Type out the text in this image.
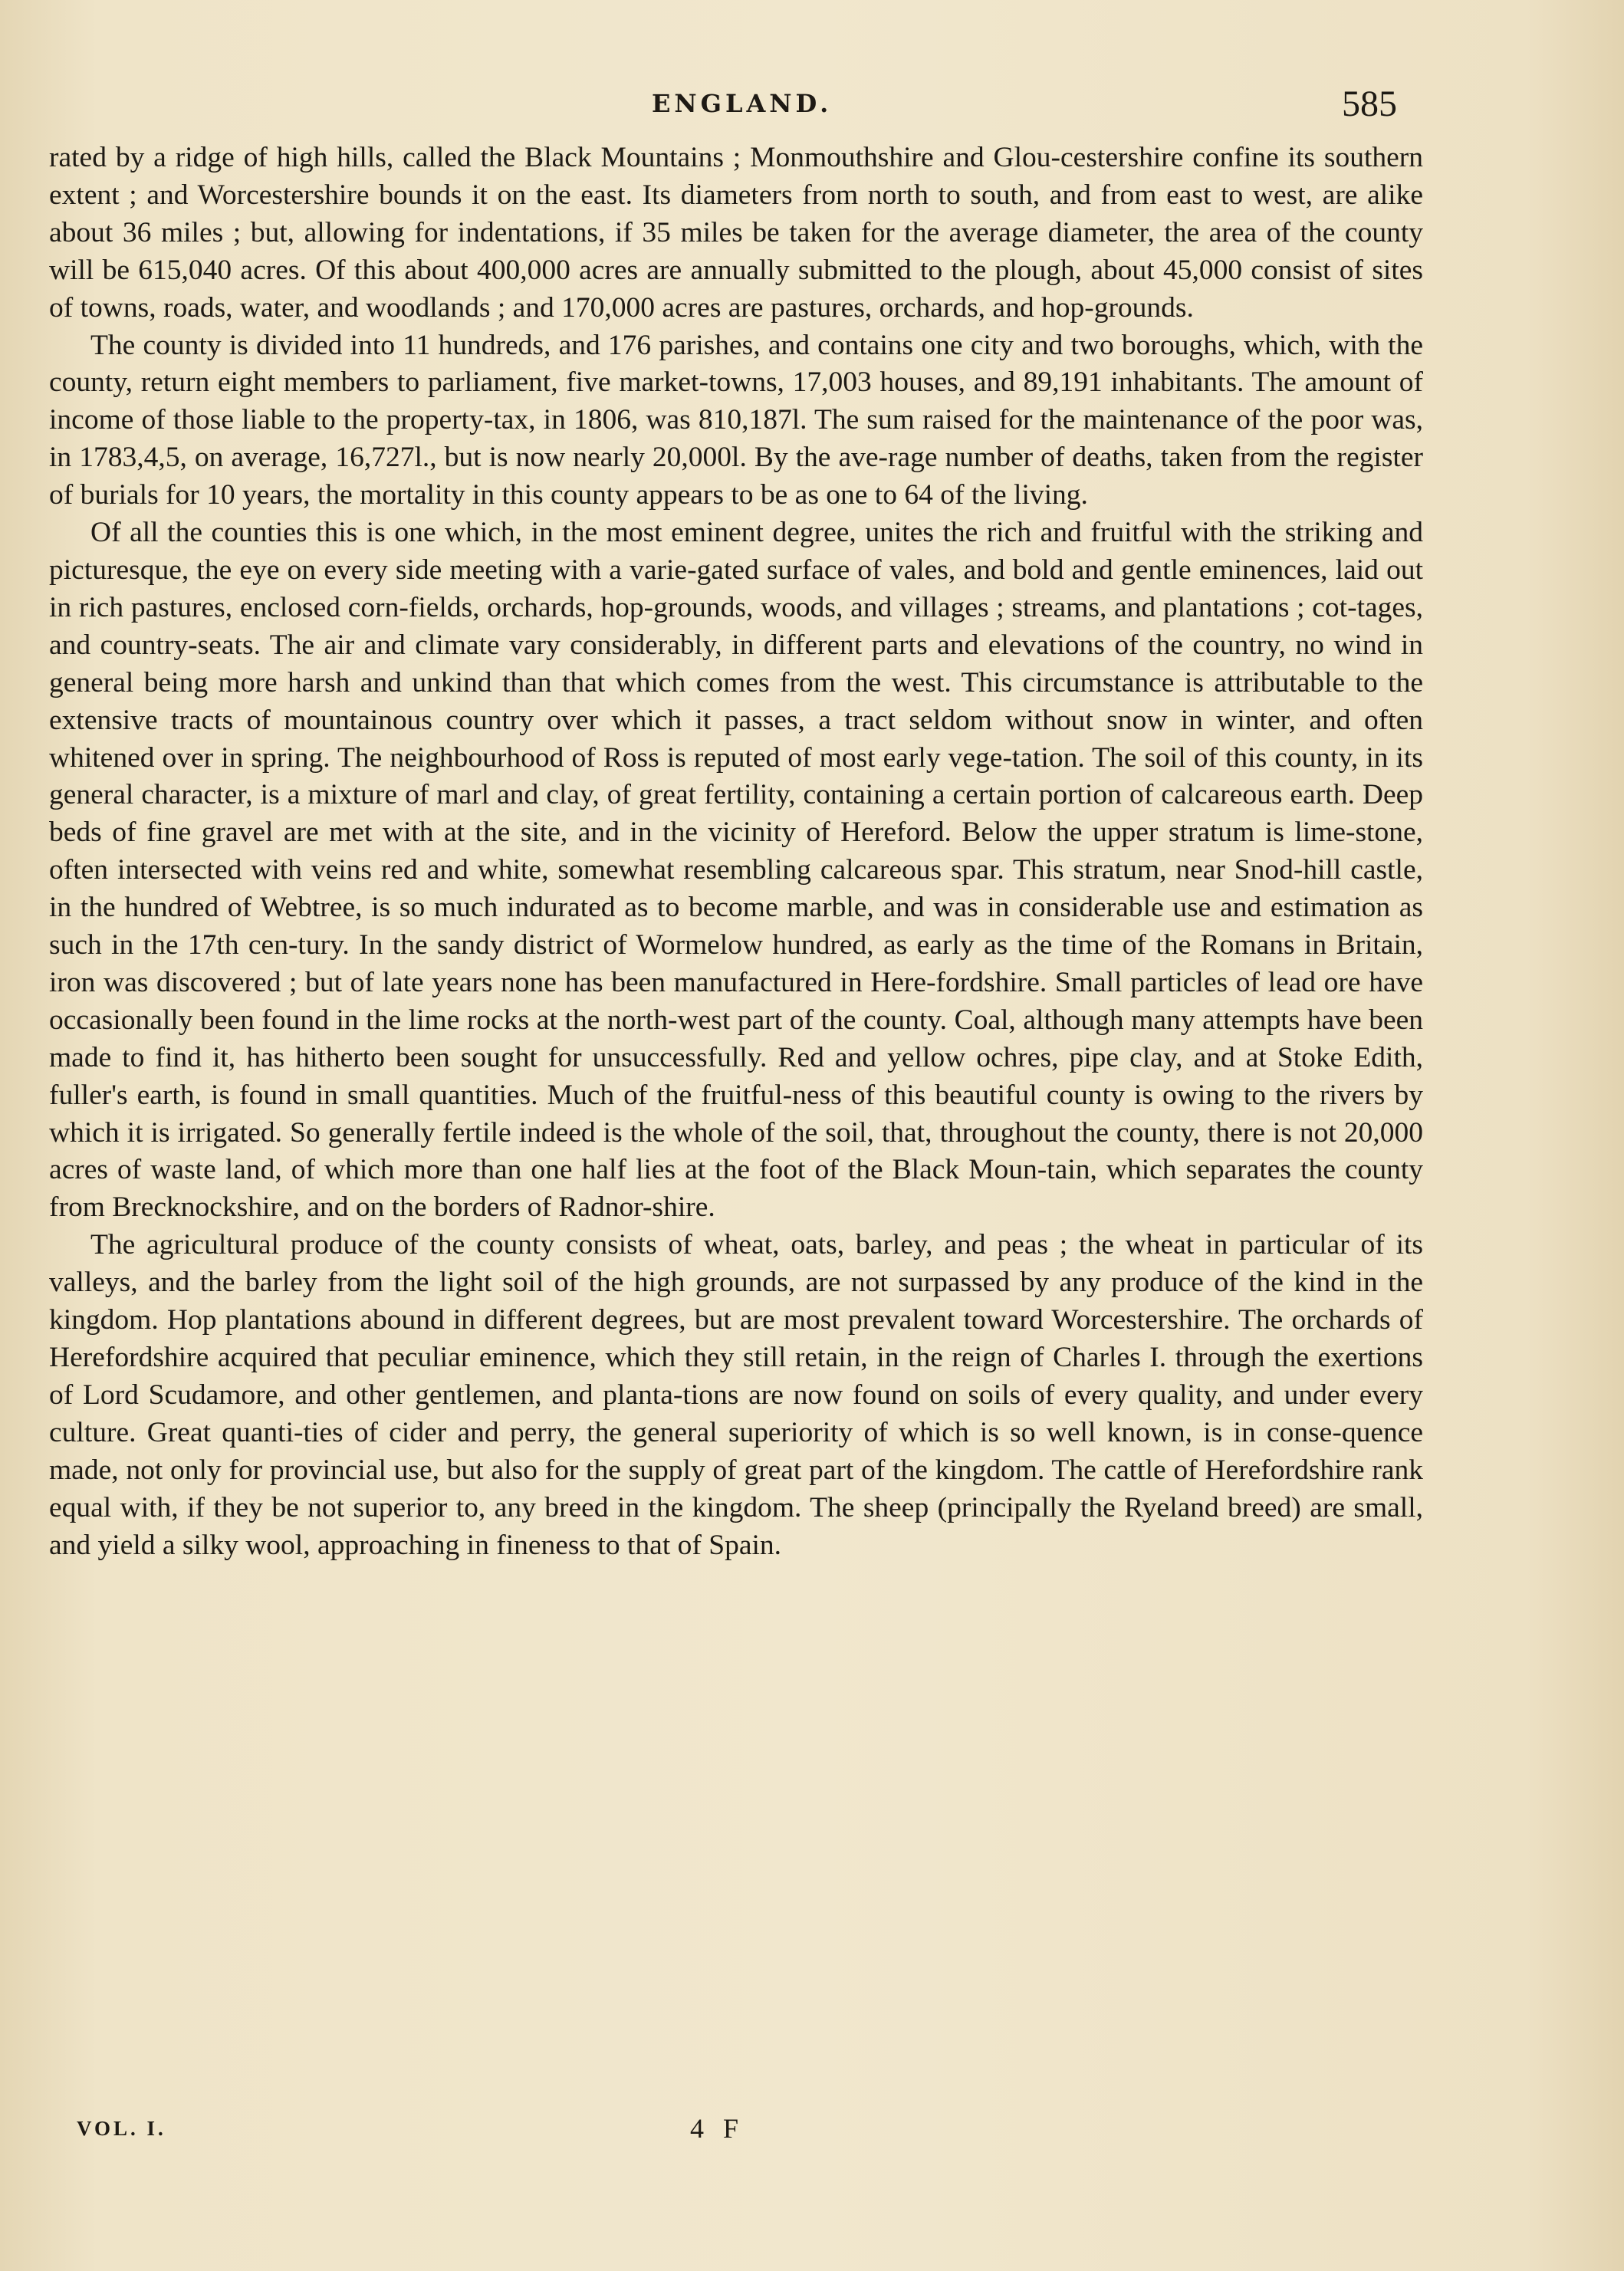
ENGLAND.	585

rated by a ridge of high hills, called the Black Mountains ; Monmouthshire and Glou-cestershire confine its southern extent ; and Worcestershire bounds it on the east. Its diameters from north to south, and from east to west, are alike about 36 miles ; but, allowing for indentations, if 35 miles be taken for the average diameter, the area of the county will be 615,040 acres. Of this about 400,000 acres are annually submitted to the plough, about 45,000 consist of sites of towns, roads, water, and woodlands ; and 170,000 acres are pastures, orchards, and hop-grounds.

The county is divided into 11 hundreds, and 176 parishes, and contains one city and two boroughs, which, with the county, return eight members to parliament, five market-towns, 17,003 houses, and 89,191 inhabitants. The amount of income of those liable to the property-tax, in 1806, was 810,187l. The sum raised for the maintenance of the poor was, in 1783,4,5, on average, 16,727l., but is now nearly 20,000l. By the ave-rage number of deaths, taken from the register of burials for 10 years, the mortality in this county appears to be as one to 64 of the living.

Of all the counties this is one which, in the most eminent degree, unites the rich and fruitful with the striking and picturesque, the eye on every side meeting with a varie-gated surface of vales, and bold and gentle eminences, laid out in rich pastures, enclosed corn-fields, orchards, hop-grounds, woods, and villages ; streams, and plantations ; cot-tages, and country-seats. The air and climate vary considerably, in different parts and elevations of the country, no wind in general being more harsh and unkind than that which comes from the west. This circumstance is attributable to the extensive tracts of mountainous country over which it passes, a tract seldom without snow in winter, and often whitened over in spring. The neighbourhood of Ross is reputed of most early vege-tation. The soil of this county, in its general character, is a mixture of marl and clay, of great fertility, containing a certain portion of calcareous earth. Deep beds of fine gravel are met with at the site, and in the vicinity of Hereford. Below the upper stratum is lime-stone, often intersected with veins red and white, somewhat resembling calcareous spar. This stratum, near Snod-hill castle, in the hundred of Webtree, is so much indurated as to become marble, and was in considerable use and estimation as such in the 17th cen-tury. In the sandy district of Wormelow hundred, as early as the time of the Romans in Britain, iron was discovered ; but of late years none has been manufactured in Here-fordshire. Small particles of lead ore have occasionally been found in the lime rocks at the north-west part of the county. Coal, although many attempts have been made to find it, has hitherto been sought for unsuccessfully. Red and yellow ochres, pipe clay, and at Stoke Edith, fuller's earth, is found in small quantities. Much of the fruitful-ness of this beautiful county is owing to the rivers by which it is irrigated. So generally fertile indeed is the whole of the soil, that, throughout the county, there is not 20,000 acres of waste land, of which more than one half lies at the foot of the Black Moun-tain, which separates the county from Brecknockshire, and on the borders of Radnor-shire.

The agricultural produce of the county consists of wheat, oats, barley, and peas ; the wheat in particular of its valleys, and the barley from the light soil of the high grounds, are not surpassed by any produce of the kind in the kingdom. Hop plantations abound in different degrees, but are most prevalent toward Worcestershire. The orchards of Herefordshire acquired that peculiar eminence, which they still retain, in the reign of Charles I. through the exertions of Lord Scudamore, and other gentlemen, and planta-tions are now found on soils of every quality, and under every culture. Great quanti-ties of cider and perry, the general superiority of which is so well known, is in conse-quence made, not only for provincial use, but also for the supply of great part of the kingdom. The cattle of Herefordshire rank equal with, if they be not superior to, any breed in the kingdom. The sheep (principally the Ryeland breed) are small, and yield a silky wool, approaching in fineness to that of Spain.

VOL. I.	4 F
